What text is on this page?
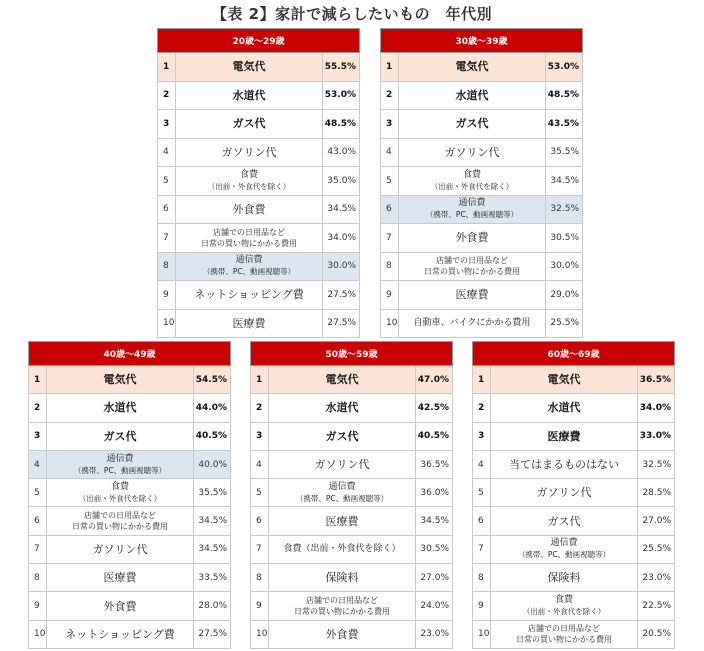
【表 2】家計で減らしたいもの　年代別
20歳〜29歳		
1	電気代	55.5%
2	水道代	53.0%
3	ガス代	48.5%
4	ガソリン代	43.0%
5	食費
（出前・外食代を除く）	35.0%
6	外食費	34.5%
7	店舗での日用品など
日常の買い物にかかる費用	34.0%
8	通信費
（携帯、PC、動画視聴等）	30.0%
9	ネットショッピング費	27.5%
10	医療費	27.5%
30歳〜39歳		
1	電気代	53.0%
2	水道代	48.5%
3	ガス代	43.5%
4	ガソリン代	35.5%
5	食費
（出前・外食代を除く）	34.5%
6	通信費
（携帯、PC、動画視聴等）	32.5%
7	外食費	30.5%
8	店舗での日用品など
日常の買い物にかかる費用	30.0%
9	医療費	29.0%
10	自動車、バイクにかかる費用	25.5%
40歳〜49歳		
1	電気代	54.5%
2	水道代	44.0%
3	ガス代	40.5%
4	通信費
（携帯、PC、動画視聴等）	40.0%
5	食費
（出前・外食代を除く）	35.5%
6	店舗での日用品など
日常の買い物にかかる費用	34.5%
7	ガソリン代	34.5%
8	医療費	33.5%
9	外食費	28.0%
10	ネットショッピング費	27.5%
50歳〜59歳		
1	電気代	47.0%
2	水道代	42.5%
3	ガス代	40.5%
4	ガソリン代	36.5%
5	通信費
（携帯、PC、動画視聴等）	36.0%
6	医療費	34.5%
7	食費（出前・外食代を除く）	30.5%
8	保険料	27.0%
9	店舗での日用品など
日常の買い物にかかる費用	24.0%
10	外食費	23.0%
60歳〜69歳		
1	電気代	36.5%
2	水道代	34.0%
3	医療費	33.0%
4	当てはまるものはない	32.5%
5	ガソリン代	28.5%
6	ガス代	27.0%
7	通信費
（携帯、PC、動画視聴等）	25.5%
8	保険料	23.0%
9	食費
（出前・外食代を除く）	22.5%
10	店舗での日用品など
日常の買い物にかかる費用	20.5%
